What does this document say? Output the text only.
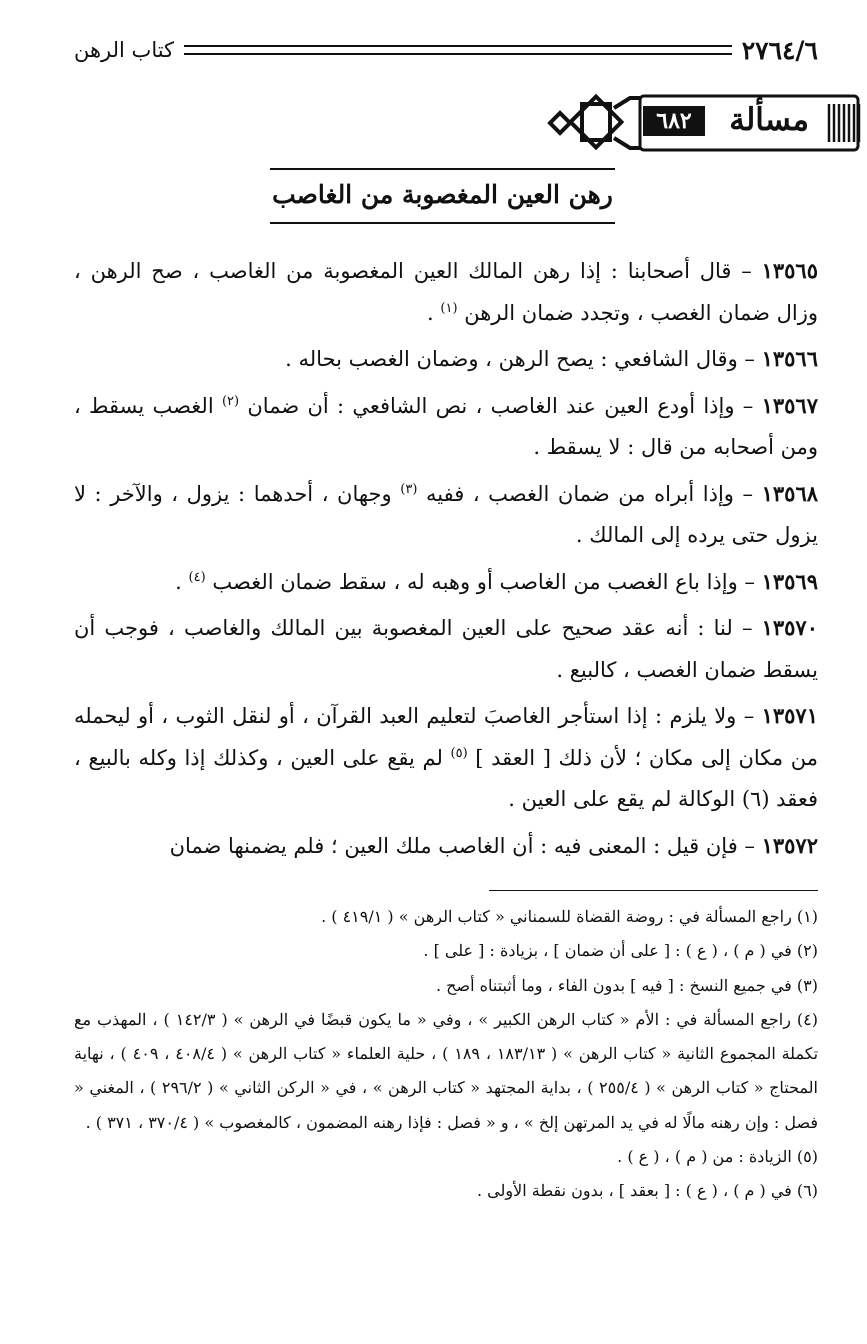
٢٧٦٤/٦
كتاب الرهن
مسألة
٦٨٢
رهن العين المغصوبة من الغاصب

١٣٥٦٥ – قال أصحابنا : إذا رهن المالك العين المغصوبة من الغاصب ، صح الرهن ، وزال ضمان الغصب ، وتجدد ضمان الرهن $^{(١)}$ .

١٣٥٦٦ – وقال الشافعي : يصح الرهن ، وضمان الغصب بحاله .

١٣٥٦٧ – وإذا أودع العين عند الغاصب ، نص الشافعي : أن ضمان $^{(٢)}$ الغصب يسقط ، ومن أصحابه من قال : لا يسقط .

١٣٥٦٨ – وإذا أبراه من ضمان الغصب ، ففيه $^{(٣)}$ وجهان ، أحدهما : يزول ، والآخر : لا يزول حتى يرده إلى المالك .

١٣٥٦٩ – وإذا باع الغصب من الغاصب أو وهبه له ، سقط ضمان الغصب $^{(٤)}$ .

١٣٥٧٠ – لنا : أنه عقد صحيح على العين المغصوبة بين المالك والغاصب ، فوجب أن يسقط ضمان الغصب ، كالبيع .

١٣٥٧١ – ولا يلزم : إذا استأجر الغاصبَ لتعليم العبد القرآن ، أو لنقل الثوب ، أو ليحمله من مكان إلى مكان ؛ لأن ذلك [ العقد ] $^{(٥)}$ لم يقع على العين ، وكذلك إذا وكله بالبيع ، فعقد (٦) الوكالة لم يقع على العين .

١٣٥٧٢ – فإن قيل : المعنى فيه : أن الغاصب ملك العين ؛ فلم يضمنها ضمان

(١) راجع المسألة في : روضة القضاة للسمناني « كتاب الرهن » ( ٤١٩/١ ) .

(٢) في ( م ) ، ( ع ) : [ على أن ضمان ] ، بزيادة : [ على ] .

(٣) في جميع النسخ : [ فيه ] بدون الفاء ، وما أثبتناه أصح .

(٤) راجع المسألة في : الأم « كتاب الرهن الكبير » ، وفي « ما يكون قبضًا في الرهن » ( ١٤٢/٣ ) ، المهذب مع تكملة المجموع الثانية « كتاب الرهن » ( ١٨٣/١٣ ، ١٨٩ ) ، حلية العلماء « كتاب الرهن » ( ٤٠٨/٤ ، ٤٠٩ ) ، نهاية المحتاج « كتاب الرهن » ( ٢٥٥/٤ ) ، بداية المجتهد « كتاب الرهن » ، في « الركن الثاني » ( ٢٩٦/٢ ) ، المغني « فصل : وإن رهنه مالًا له في يد المرتهن إلخ » ، و « فصل : فإذا رهنه المضمون ، كالمغصوب » ( ٣٧٠/٤ ، ٣٧١ ) .

(٥) الزيادة : من ( م ) ، ( ع ) .

(٦) في ( م ) ، ( ع ) : [ بعقد ] ، بدون نقطة الأولى .
